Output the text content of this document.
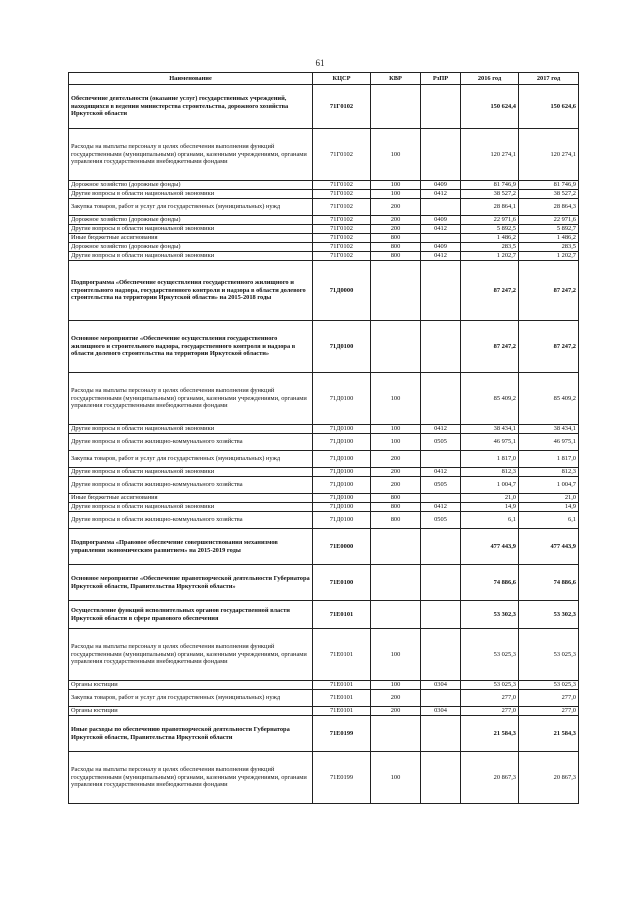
61
Наименование	КЦСР	КВР	РзПР	2016 год	2017 год
Обеспечение деятельности (оказание услуг) государственных учреждений, находящихся в ведении министерства строительства, дорожного хозяйства Иркутской области	71Г0102			150 624,4	150 624,6
Расходы на выплаты персоналу в целях обеспечения выполнения функций государственными (муниципальными) органами, казенными учреждениями, органами управления государственными внебюджетными фондами	71Г0102	100		120 274,1	120 274,1
Дорожное хозяйство (дорожные фонды)	71Г0102	100	0409	81 746,9	81 746,9
Другие вопросы в области национальной экономики	71Г0102	100	0412	38 527,2	38 527,2
Закупка товаров, работ и услуг для государственных (муниципальных) нужд	71Г0102	200		28 864,1	28 864,3
Дорожное хозяйство (дорожные фонды)	71Г0102	200	0409	22 971,6	22 971,6
Другие вопросы в области национальной экономики	71Г0102	200	0412	5 892,5	5 892,7
Иные бюджетные ассигнования	71Г0102	800		1 486,2	1 486,2
Дорожное хозяйство (дорожные фонды)	71Г0102	800	0409	283,5	283,5
Другие вопросы в области национальной экономики	71Г0102	800	0412	1 202,7	1 202,7
Подпрограмма «Обеспечение осуществления государственного жилищного и строительного надзора, государственного контроля и надзора в области долевого строительства на территории Иркутской области» на 2015-2018 годы	71Д0000			87 247,2	87 247,2
Основное мероприятие «Обеспечение осуществления государственного жилищного и строительного надзора, государственного контроля и надзора в области долевого строительства на территории Иркутской области»	71Д0100			87 247,2	87 247,2
Расходы на выплаты персоналу в целях обеспечения выполнения функций государственными (муниципальными) органами, казенными учреждениями, органами управления государственными внебюджетными фондами	71Д0100	100		85 409,2	85 409,2
Другие вопросы в области национальной экономики	71Д0100	100	0412	38 434,1	38 434,1
Другие вопросы в области жилищно-коммунального хозяйства	71Д0100	100	0505	46 975,1	46 975,1
Закупка товаров, работ и услуг для государственных (муниципальных) нужд	71Д0100	200		1 817,0	1 817,0
Другие вопросы в области национальной экономики	71Д0100	200	0412	812,3	812,3
Другие вопросы в области жилищно-коммунального хозяйства	71Д0100	200	0505	1 004,7	1 004,7
Иные бюджетные ассигнования	71Д0100	800		21,0	21,0
Другие вопросы в области национальной экономики	71Д0100	800	0412	14,9	14,9
Другие вопросы в области жилищно-коммунального хозяйства	71Д0100	800	0505	6,1	6,1
Подпрограмма «Правовое обеспечение совершенствования механизмов управления экономическим развитием» на 2015-2019 годы	71Е0000			477 443,9	477 443,9
Основное мероприятие «Обеспечение правотворческой деятельности Губернатора Иркутской области, Правительства Иркутской области»	71Е0100			74 886,6	74 886,6
Осуществление функций исполнительных органов государственной власти Иркутской области в сфере правового обеспечения	71Е0101			53 302,3	53 302,3
Расходы на выплаты персоналу в целях обеспечения выполнения функций государственными (муниципальными) органами, казенными учреждениями, органами управления государственными внебюджетными фондами	71Е0101	100		53 025,3	53 025,3
Органы юстиции	71Е0101	100	0304	53 025,3	53 025,3
Закупка товаров, работ и услуг для государственных (муниципальных) нужд	71Е0101	200		277,0	277,0
Органы юстиции	71Е0101	200	0304	277,0	277,0
Иные расходы по обеспечению правотворческой деятельности Губернатора Иркутской области, Правительства Иркутской области	71Е0199			21 584,3	21 584,3
Расходы на выплаты персоналу в целях обеспечения выполнения функций государственными (муниципальными) органами, казенными учреждениями, органами управления государственными внебюджетными фондами	71Е0199	100		20 867,3	20 867,3
